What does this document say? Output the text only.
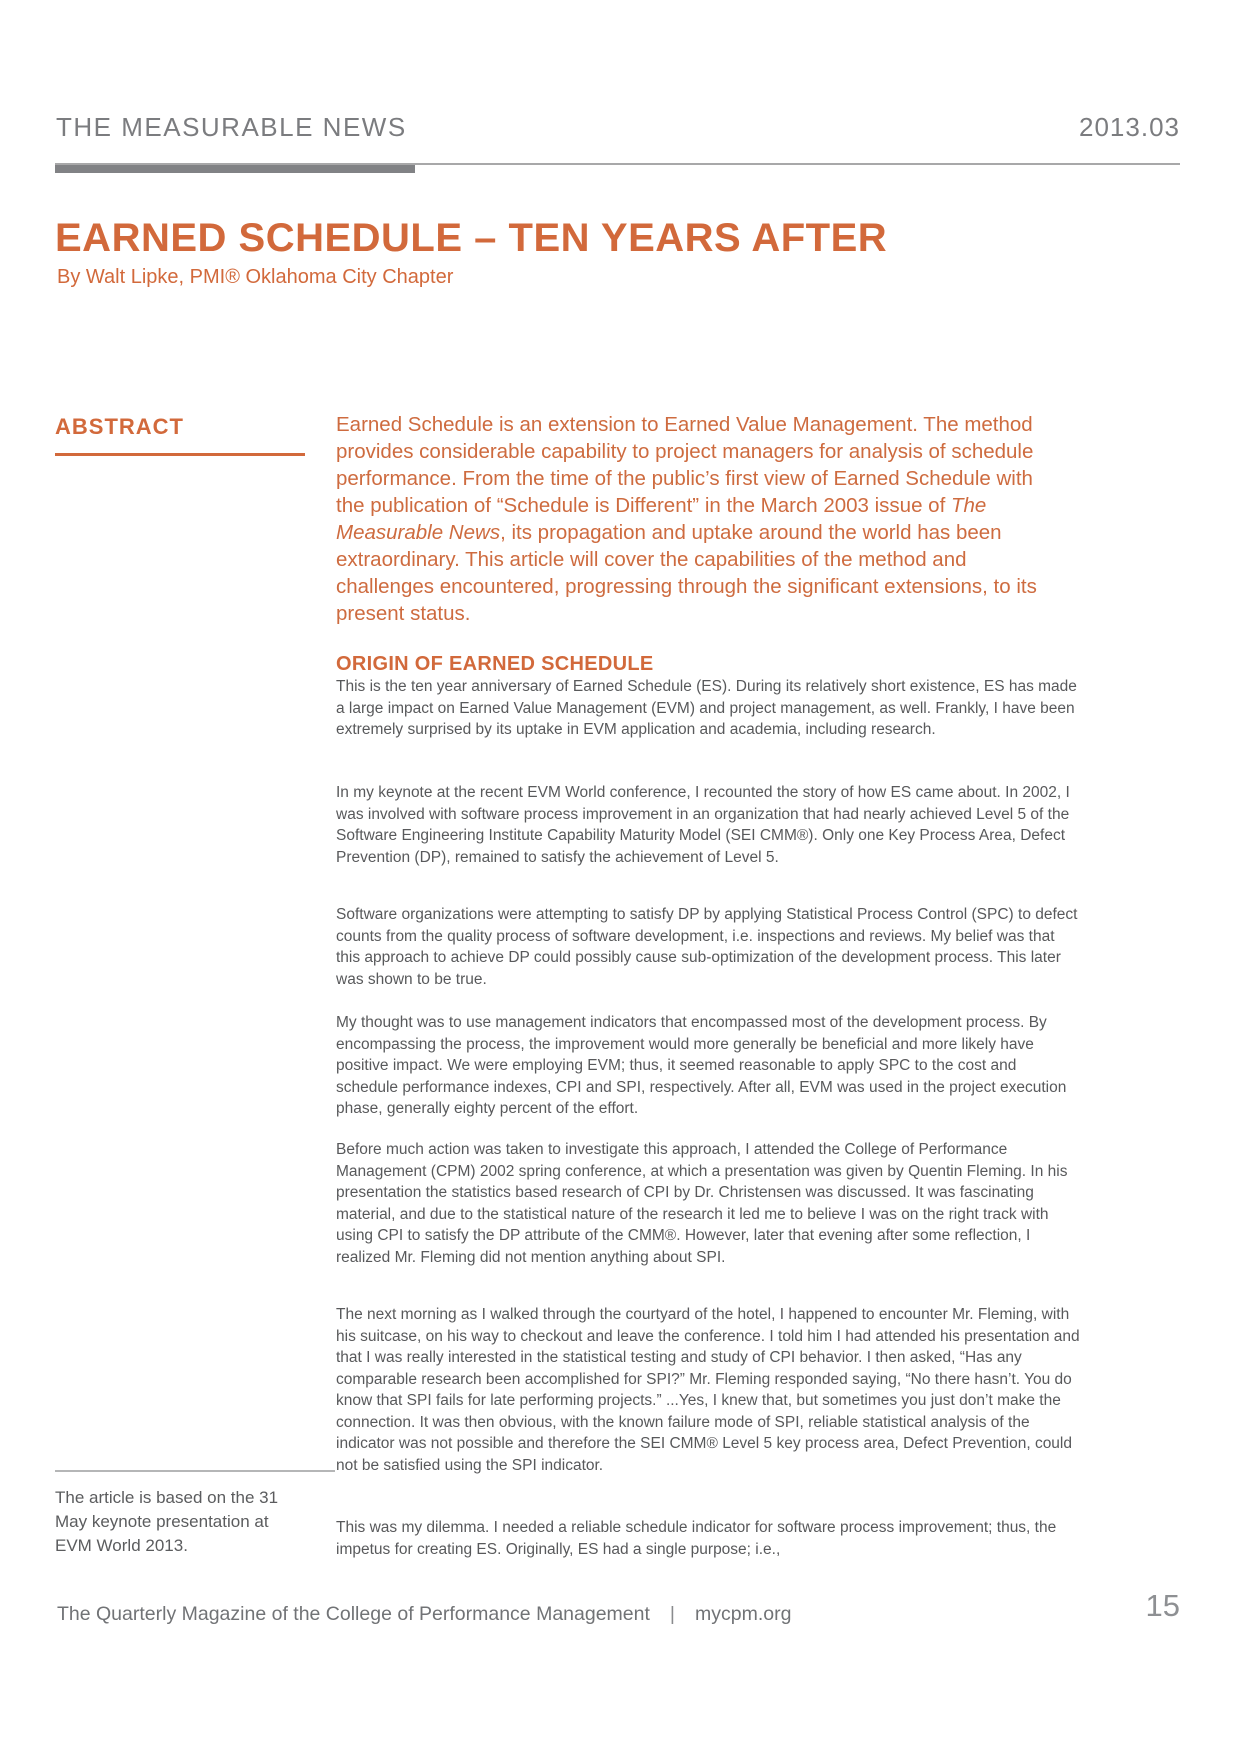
THE MEASURABLE NEWS	2013.03
EARNED SCHEDULE – TEN YEARS AFTER
By Walt Lipke, PMI® Oklahoma City Chapter
ABSTRACT	Earned Schedule is an extension to Earned Value Management. The method provides considerable capability to project managers for analysis of schedule performance. From the time of the public’s first view of Earned Schedule with the publication of “Schedule is Different” in the March 2003 issue of The Measurable News, its propagation and uptake around the world has been extraordinary. This article will cover the capabilities of the method and challenges encountered, progressing through the significant extensions, to its present status.
ORIGIN OF EARNED SCHEDULE

This is the ten year anniversary of Earned Schedule (ES). During its relatively short existence, ES has made a large impact on Earned Value Management (EVM) and project management, as well. Frankly, I have been extremely surprised by its uptake in EVM application and academia, including research.

In my keynote at the recent EVM World conference, I recounted the story of how ES came about. In 2002, I was involved with software process improvement in an organization that had nearly achieved Level 5 of the Software Engineering Institute Capability Maturity Model (SEI CMM®). Only one Key Process Area, Defect Prevention (DP), remained to satisfy the achievement of Level 5.

Software organizations were attempting to satisfy DP by applying Statistical Process Control (SPC) to defect counts from the quality process of software development, i.e. inspections and reviews. My belief was that this approach to achieve DP could possibly cause sub-optimization of the development process. This later was shown to be true.

My thought was to use management indicators that encompassed most of the development process. By encompassing the process, the improvement would more generally be beneficial and more likely have positive impact. We were employing EVM; thus, it seemed reasonable to apply SPC to the cost and schedule performance indexes, CPI and SPI, respectively. After all, EVM was used in the project execution phase, generally eighty percent of the effort.

Before much action was taken to investigate this approach, I attended the College of Performance Management (CPM) 2002 spring conference, at which a presentation was given by Quentin Fleming. In his presentation the statistics based research of CPI by Dr. Christensen was discussed. It was fascinating material, and due to the statistical nature of the research it led me to believe I was on the right track with using CPI to satisfy the DP attribute of the CMM®. However, later that evening after some reflection, I realized Mr. Fleming did not mention anything about SPI.

The next morning as I walked through the courtyard of the hotel, I happened to encounter Mr. Fleming, with his suitcase, on his way to checkout and leave the conference. I told him I had attended his presentation and that I was really interested in the statistical testing and study of CPI behavior. I then asked, “Has any comparable research been accomplished for SPI?” Mr. Fleming responded saying, “No there hasn’t. You do know that SPI fails for late performing projects.” ...Yes, I knew that, but sometimes you just don’t make the connection. It was then obvious, with the known failure mode of SPI, reliable statistical analysis of the indicator was not possible and therefore the SEI CMM® Level 5 key process area, Defect Prevention, could not be satisfied using the SPI indicator.

This was my dilemma. I needed a reliable schedule indicator for software process improvement; thus, the impetus for creating ES. Originally, ES had a single purpose; i.e.,

The article is based on the 31 May keynote presentation at EVM World 2013.
The Quarterly Magazine of the College of Performance Management | mycpm.org	15
